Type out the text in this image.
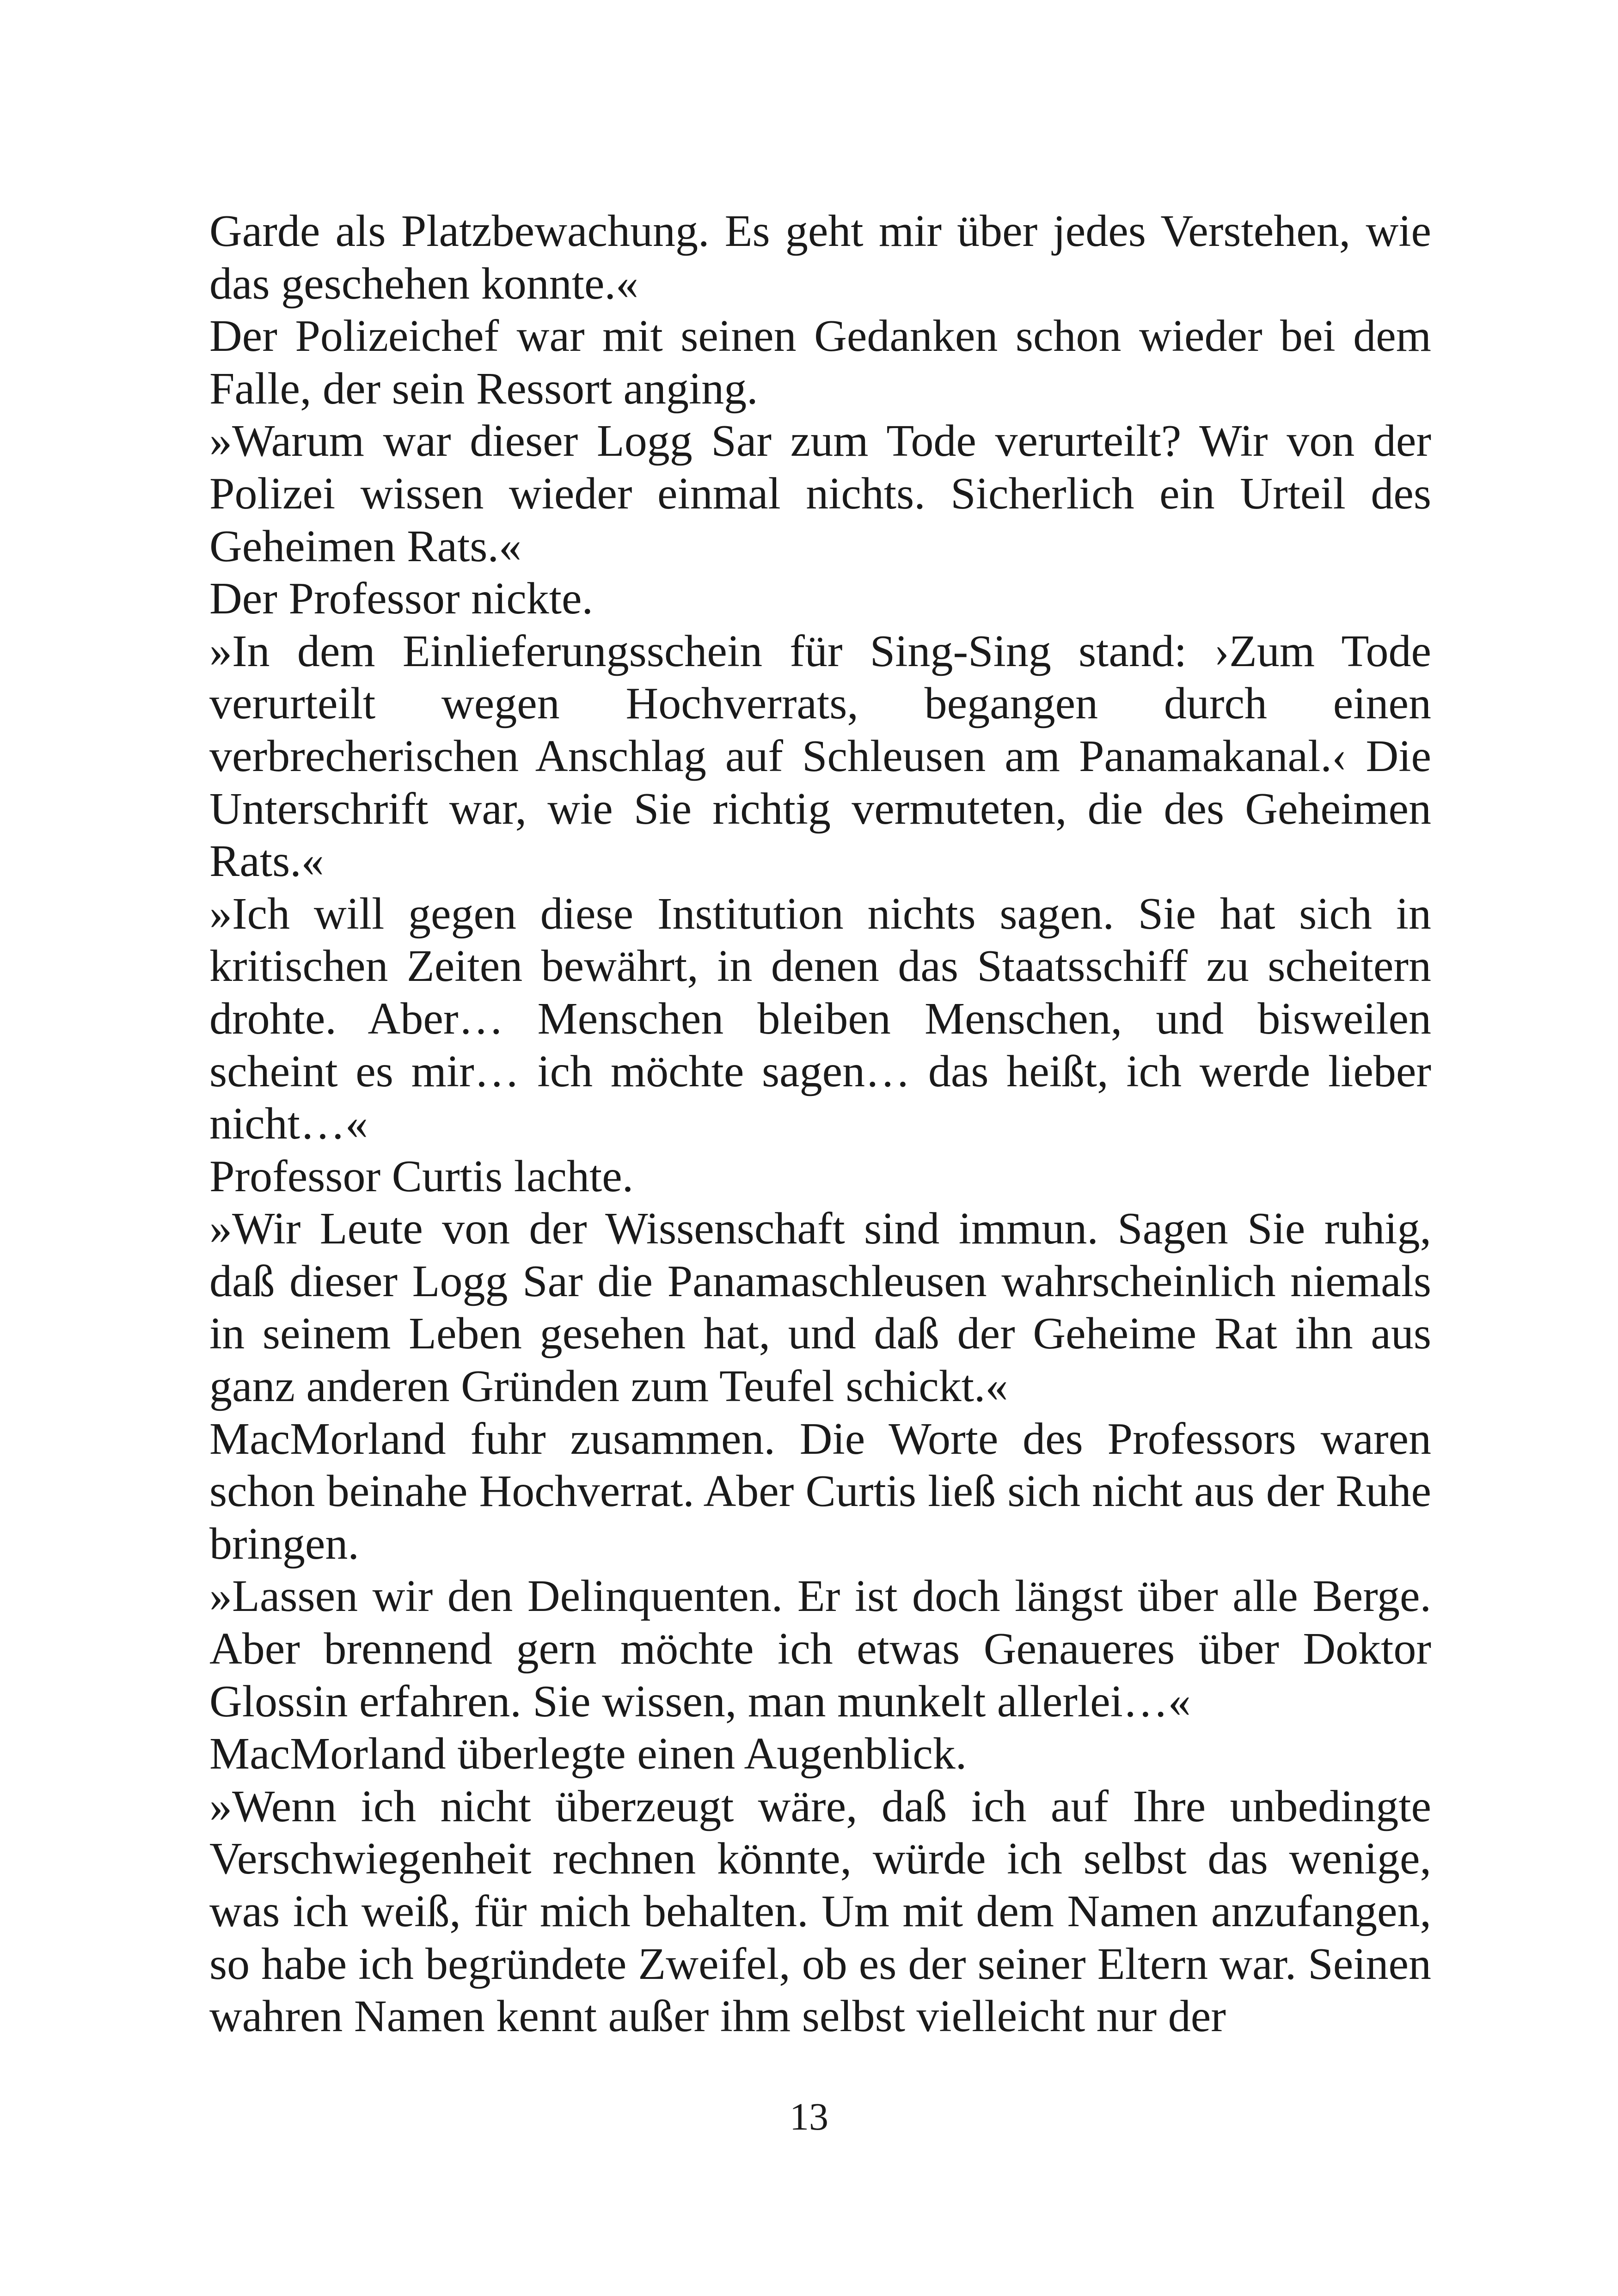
Garde als Platzbewachung. Es geht mir über jedes Verstehen, wie das geschehen konnte.«

Der Polizeichef war mit seinen Gedanken schon wieder bei dem Falle, der sein Ressort anging.

»Warum war dieser Logg Sar zum Tode verurteilt? Wir von der Polizei wissen wieder einmal nichts. Sicherlich ein Urteil des Geheimen Rats.«

Der Professor nickte.

»In dem Einlieferungsschein für Sing-Sing stand: ›Zum Tode verurteilt wegen Hochverrats, begangen durch einen verbrecherischen Anschlag auf Schleusen am Panamakanal.‹ Die Unterschrift war, wie Sie richtig vermuteten, die des Geheimen Rats.«

»Ich will gegen diese Institution nichts sagen. Sie hat sich in kritischen Zeiten bewährt, in denen das Staatsschiff zu scheitern drohte. Aber… Menschen bleiben Menschen, und bisweilen scheint es mir… ich möchte sagen… das heißt, ich werde lieber nicht…«

Professor Curtis lachte.

»Wir Leute von der Wissenschaft sind immun. Sagen Sie ruhig, daß dieser Logg Sar die Panamaschleusen wahrscheinlich niemals in seinem Leben gesehen hat, und daß der Geheime Rat ihn aus ganz anderen Gründen zum Teufel schickt.«

MacMorland fuhr zusammen. Die Worte des Professors waren schon beinahe Hochverrat. Aber Curtis ließ sich nicht aus der Ruhe bringen.

»Lassen wir den Delinquenten. Er ist doch längst über alle Berge. Aber brennend gern möchte ich etwas Genaueres über Doktor Glossin erfahren. Sie wissen, man munkelt allerlei…«

MacMorland überlegte einen Augenblick.

»Wenn ich nicht überzeugt wäre, daß ich auf Ihre unbedingte Verschwiegenheit rechnen könnte, würde ich selbst das wenige, was ich weiß, für mich behalten. Um mit dem Namen anzufangen, so habe ich begründete Zweifel, ob es der seiner Eltern war. Seinen wahren Namen kennt außer ihm selbst vielleicht nur der

13
